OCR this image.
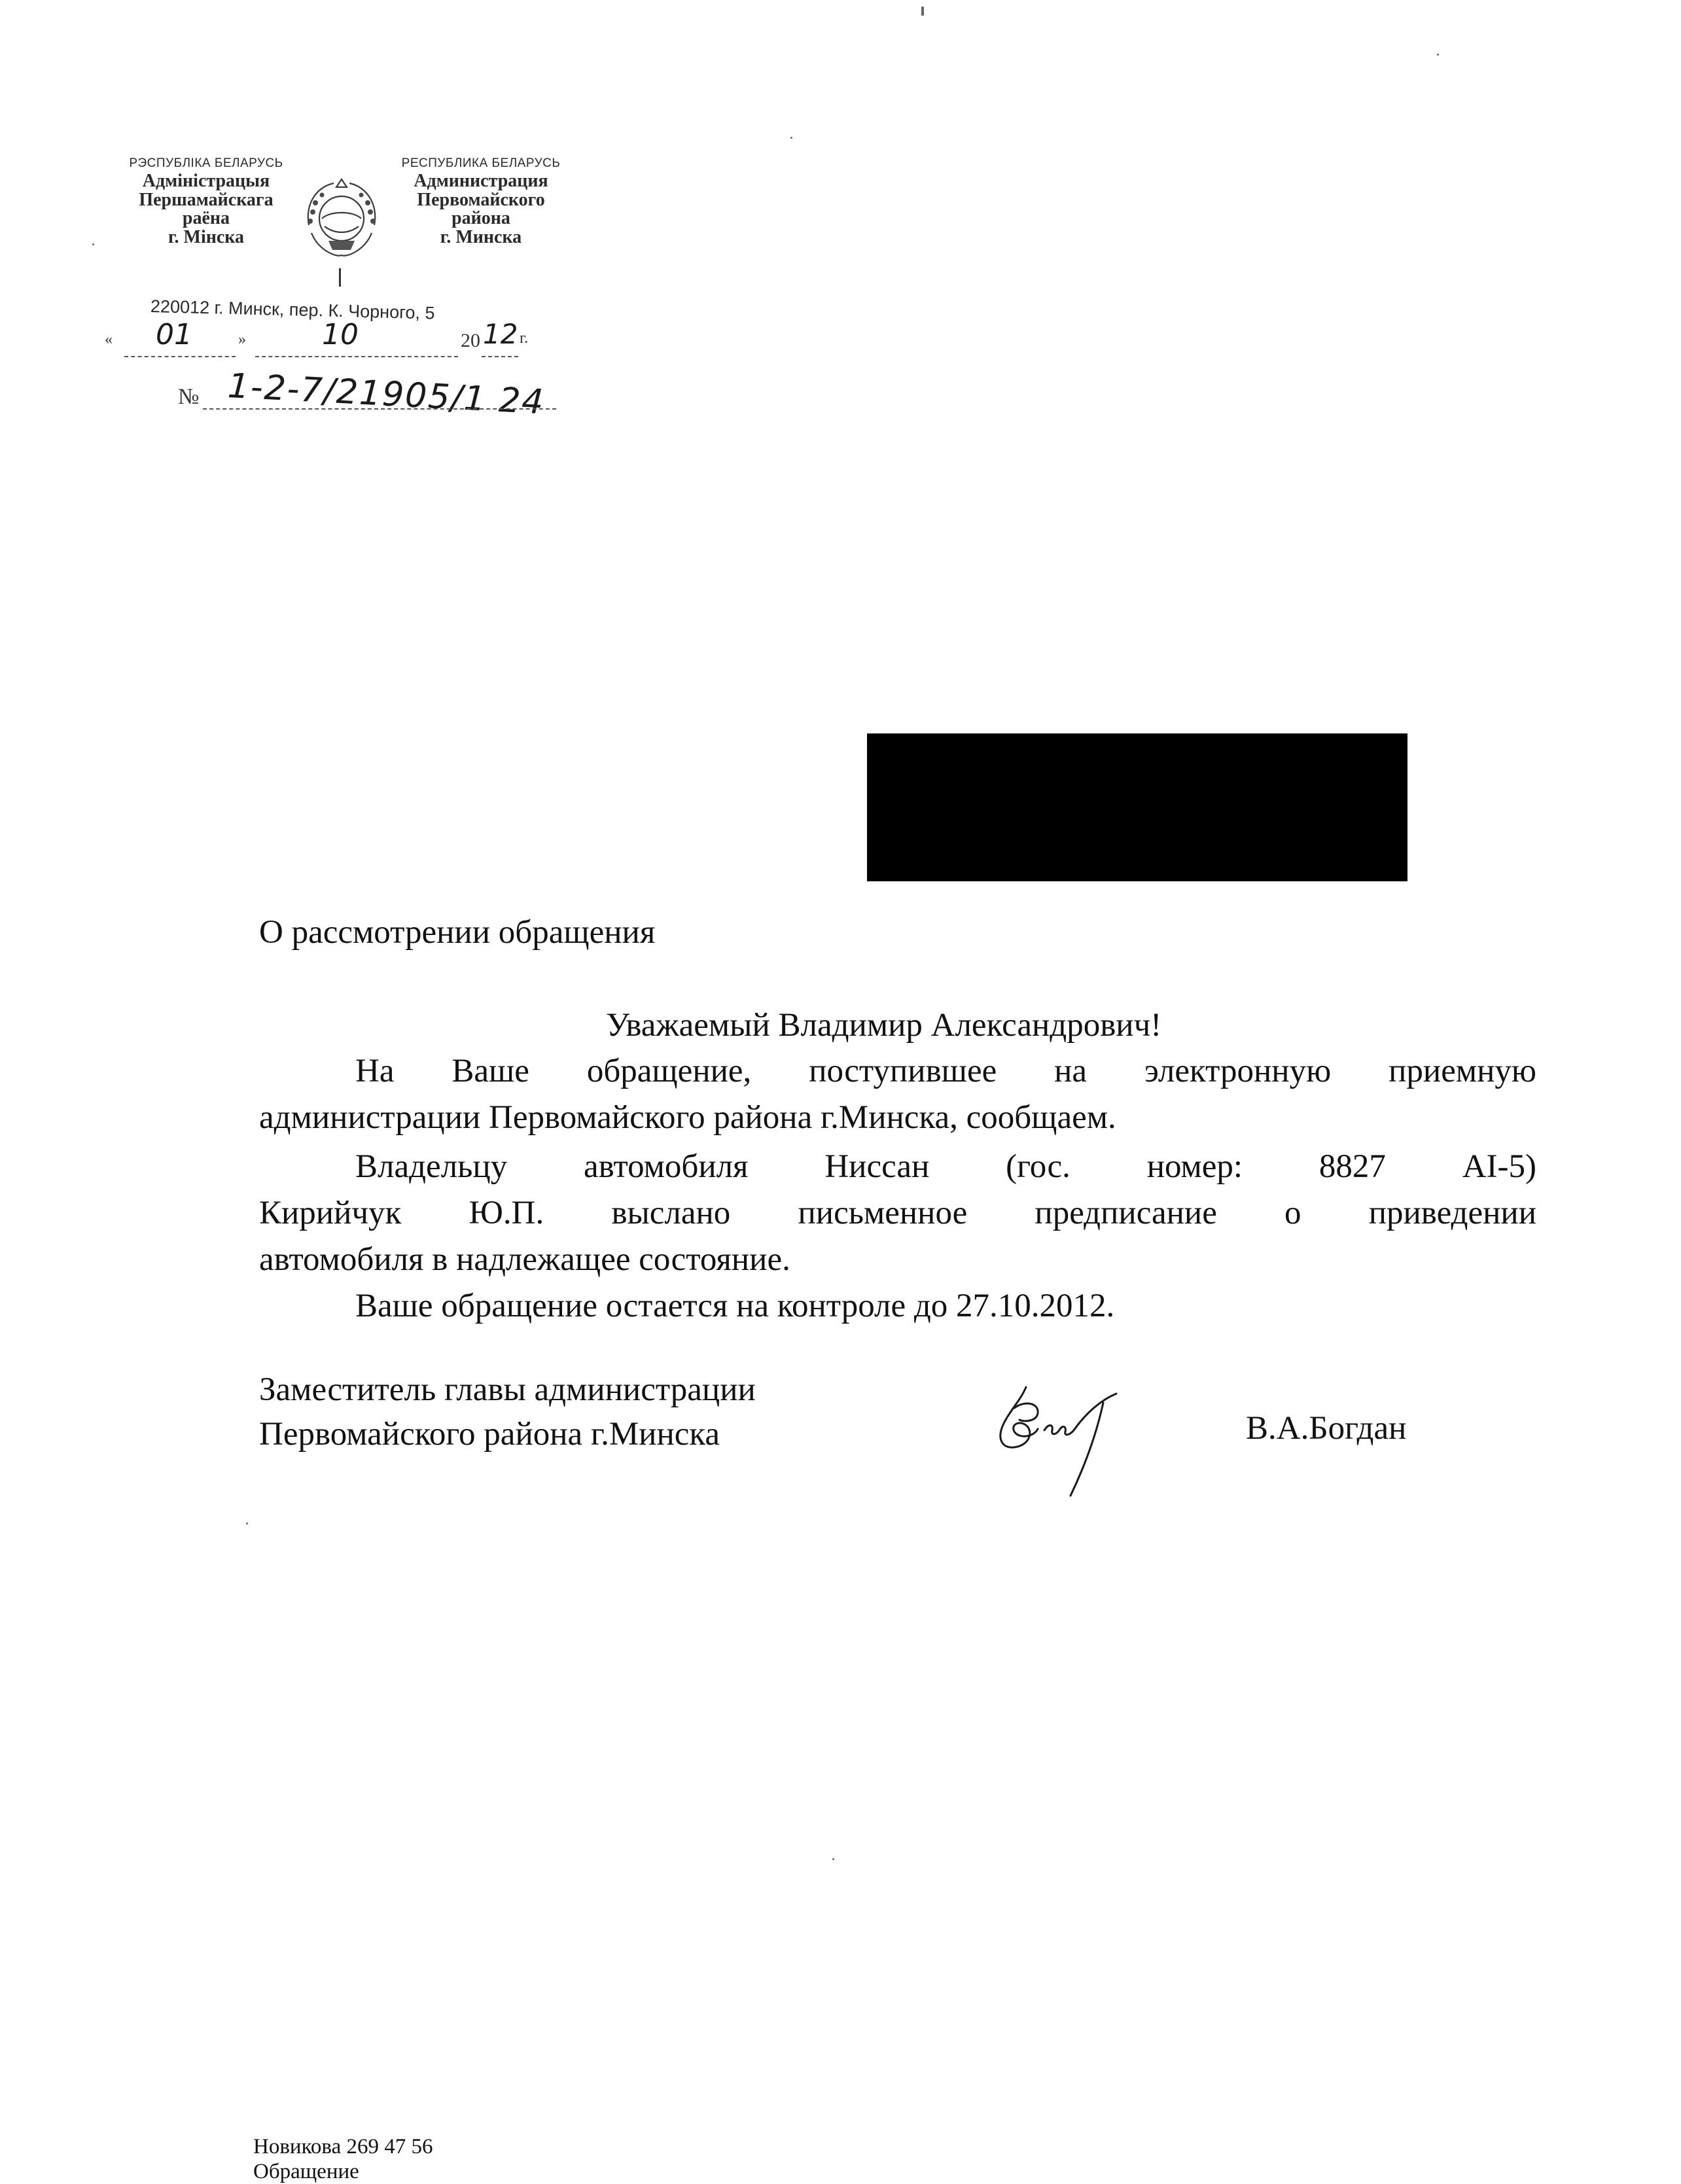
РЭСПУБЛІКА БЕЛАРУСЬ
Адміністрацыя
Першамайскага
раёна
г. Мінска
РЕСПУБЛИКА БЕЛАРУСЬ
Администрация
Первомайского
района
г. Минска
220012 г. Минск, пер. К. Чорного, 5
« 01	»	10	20 12 г.
№ 1-2-7/21905/1 24
О рассмотрении обращения
Уважаемый Владимир Александрович!
На Ваше обращение, поступившее на электронную приемную
администрации Первомайского района г.Минска, сообщаем.
Владельцу автомобиля Ниссан (гос. номер: 8827 AI-5)
Кирийчук Ю.П. выслано письменное предписание о приведении
автомобиля в надлежащее состояние.
Ваше обращение остается на контроле до 27.10.2012.
Заместитель главы администрации
Первомайского района г.Минска	В.А.Богдан
Новикова 269 47 56
Обращение
